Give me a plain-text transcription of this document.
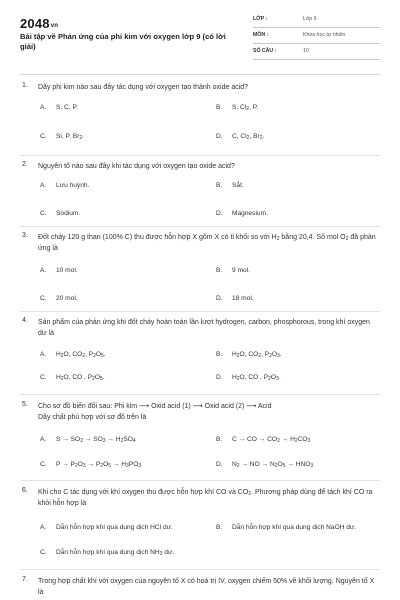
2048vn
Bài tập về Phản ứng của phi kim với oxygen lớp 9 (có lời giải)
LỚP :	Lớp 9
MÔN :	Khoa học tự nhiên
SỐ CÂU :	10
1. Dãy phi kim nào sau đây tác dụng với oxygen tạo thành oxide acid?
2. Nguyên tố nào sau đây khi tác dụng với oxygen tạo oxide acid?
3. Đốt cháy 120 g than (100% C) thu được hỗn hợp X gồm X có tỉ khối so với $H_2$ bằng 20,4. Số mol $O_2$ đã phản ứng là
4. Sản phẩm của phản ứng khi đốt cháy hoàn toàn lần lượt hydrogen, carbon, phosphorous, trong khí oxygen dư là
5. Cho sơ đồ biến đổi sau: Phi kim ⟶ Oxid acid (1) ⟶ Oxid acid (2) ⟶ Acid
Dãy chất phù hợp với sơ đồ trên là
6. Khi cho C tác dụng với khí oxygen thu được hỗn hợp khí CO và $CO_2$. Phương pháp dùng để tách khí CO ra khỏi hỗn hợp là
7. Trong hợp chất khí với oxygen của nguyên tố X có hoá trị IV, oxygen chiếm 50% về khối lượng. Nguyên tố X là
A. S, C, P.	B. S, $Cl_2$, P.
C. Si, P, $Br_2$.	D. C, $Cl_2$, $Br_2$.
A. Lưu huỳnh.	B. Sắt.
C. Sodium.	D. Magnesium.
A. 10 mol.	B. 9 mol.
C. 20 mol.	D. 18 mol.
A. $H_2O$, $CO_2$, $P_2O_5$.	B. $H_2O$, $CO_2$, $P_2O_3$.
C. $H_2O$, CO , $P_2O_5$.	D. $H_2O$, CO , $P_2O_3$.
A. $S \to SO_2 \to SO_3 \to H_2SO_4$	B. C → CO → $CO_2 \to H_2CO_3$
C. $P \to P_2O_3 \to P_2O_5 \to H_3PO_3$	D. $N_2$ → NO → $N_2O_5 \to HNO_3$
A. Dẫn hỗn hợp khí qua dung dịch HCl dư.	B. Dẫn hỗn hợp khí qua dung dịch NaOH dư.
C. Dẫn hỗn hợp khí qua dung dịch $NH_3$ dư.
